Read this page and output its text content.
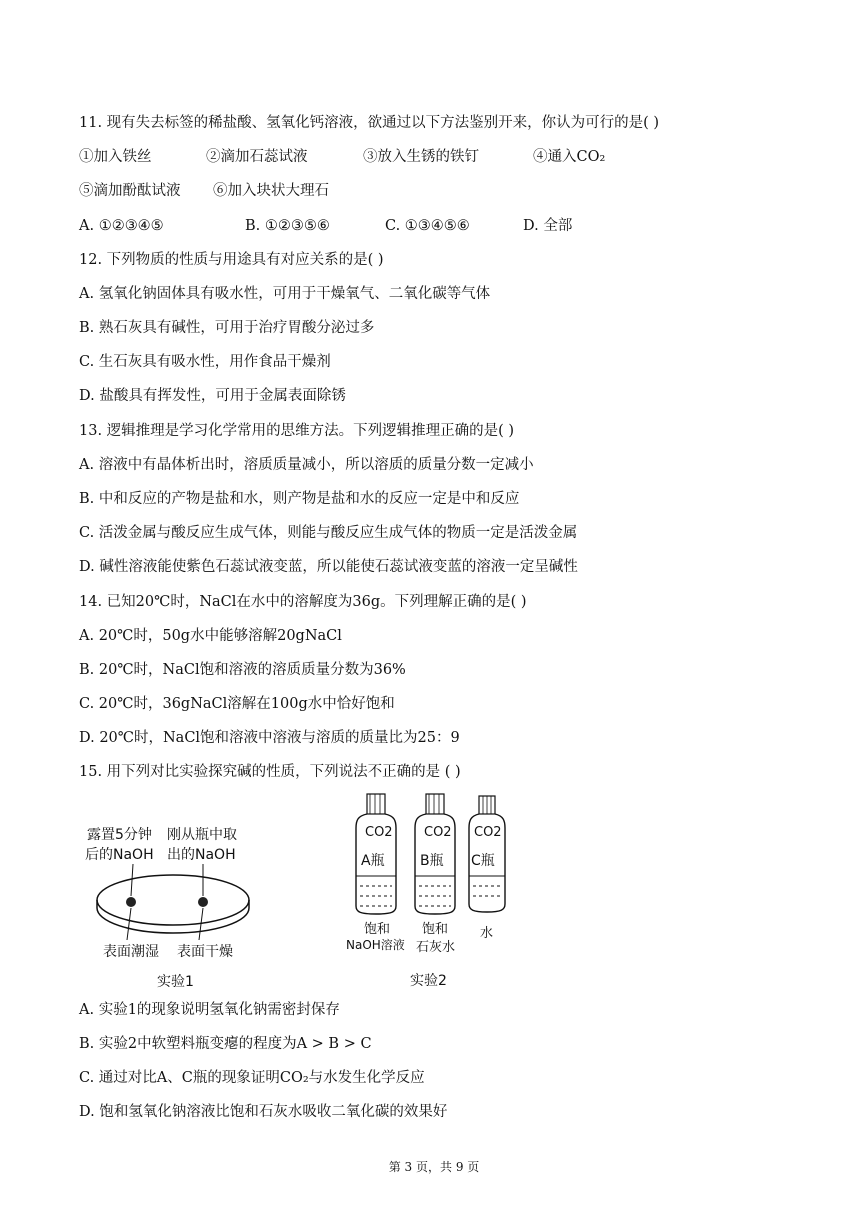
11. 现有失去标签的稀盐酸、氢氧化钙溶液，欲通过以下方法鉴别开来，你认为可行的是( )
①加入铁丝	②滴加石蕊试液	③放入生锈的铁钉	④通入CO₂
⑤滴加酚酞试液 ⑥加入块状大理石
A. ①②③④⑤	B. ①②③⑤⑥	C. ①③④⑤⑥	D. 全部
12. 下列物质的性质与用途具有对应关系的是( )
A. 氢氧化钠固体具有吸水性，可用于干燥氧气、二氧化碳等气体
B. 熟石灰具有碱性，可用于治疗胃酸分泌过多
C. 生石灰具有吸水性，用作食品干燥剂
D. 盐酸具有挥发性，可用于金属表面除锈
13. 逻辑推理是学习化学常用的思维方法。下列逻辑推理正确的是( )
A. 溶液中有晶体析出时，溶质质量减小，所以溶质的质量分数一定减小
B. 中和反应的产物是盐和水，则产物是盐和水的反应一定是中和反应
C. 活泼金属与酸反应生成气体，则能与酸反应生成气体的物质一定是活泼金属
D. 碱性溶液能使紫色石蕊试液变蓝，所以能使石蕊试液变蓝的溶液一定呈碱性
14. 已知20℃时，NaCl在水中的溶解度为36g。下列理解正确的是( )
A. 20℃时，50g水中能够溶解20gNaCl
B. 20℃时，NaCl饱和溶液的溶质质量分数为36%
C. 20℃时，36gNaCl溶解在100g水中恰好饱和
D. 20℃时，NaCl饱和溶液中溶液与溶质的质量比为25：9
15. 用下列对比实验探究碱的性质，下列说法不正确的是 ( )
露置5分钟
后的NaOH
刚从瓶中取
出的NaOH
表面潮湿 表面干燥
实验1
CO2
A瓶
CO2
B瓶
CO2
C瓶
饱和
NaOH溶液
饱和
石灰水
水
实验2
A. 实验1的现象说明氢氧化钠需密封保存
B. 实验2中软塑料瓶变瘪的程度为A > B > C
C. 通过对比A、C瓶的现象证明CO₂与水发生化学反应
D. 饱和氢氧化钠溶液比饱和石灰水吸收二氧化碳的效果好
第 3 页，共 9 页
